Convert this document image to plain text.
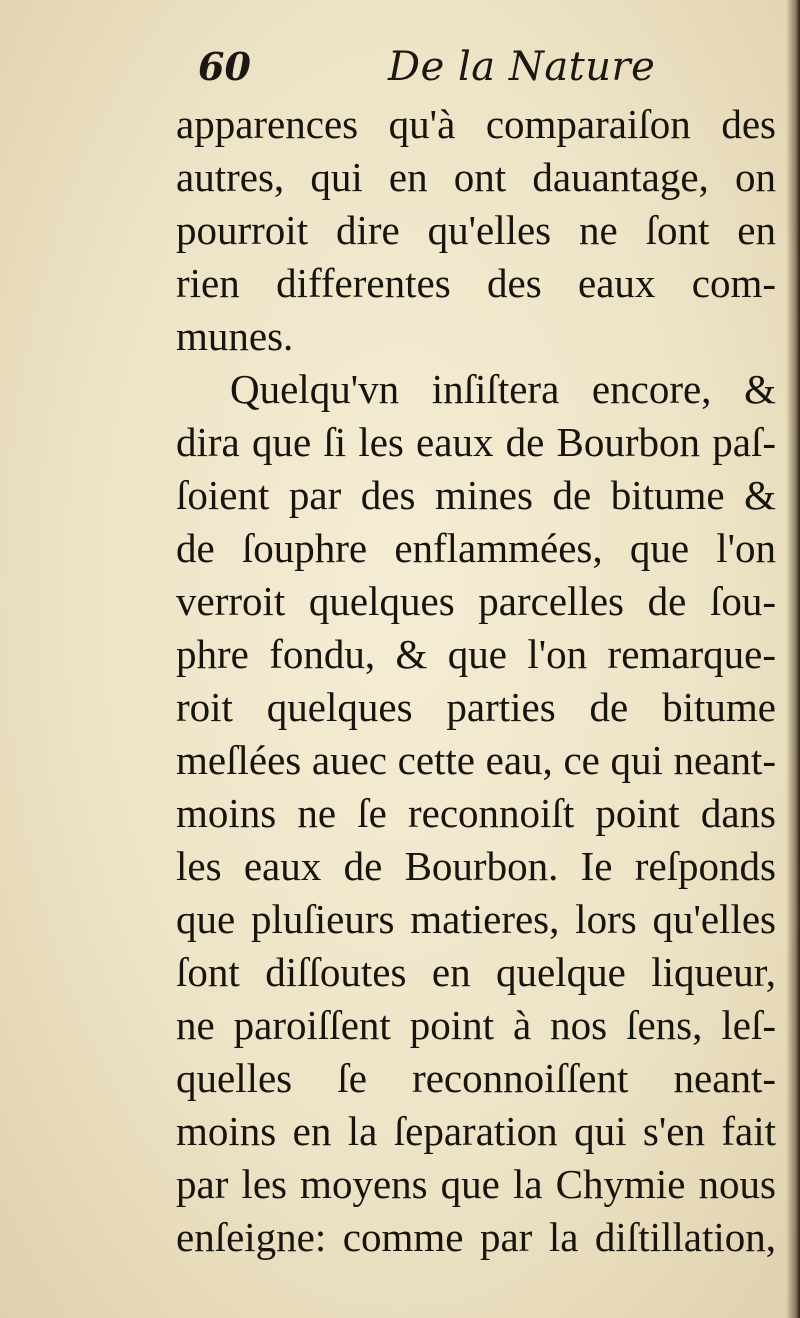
60	De la Nature
apparences qu'à comparaiſon des
autres, qui en ont dauantage, on
pourroit dire qu'elles ne ſont en
rien differentes des eaux com-
munes.
Quelqu'vn inſiſtera encore, &
dira que ſi les eaux de Bourbon paſ-
ſoient par des mines de bitume &
de ſouphre enflammées, que l'on
verroit quelques parcelles de ſou-
phre fondu, & que l'on remarque-
roit quelques parties de bitume
meſlées auec cette eau, ce qui neant-
moins ne ſe reconnoiſt point dans
les eaux de Bourbon. Ie reſponds
que pluſieurs matieres, lors qu'elles
ſont diſſoutes en quelque liqueur,
ne paroiſſent point à nos ſens, leſ-
quelles ſe reconnoiſſent neant-
moins en la ſeparation qui s'en fait
par les moyens que la Chymie nous
enſeigne: comme par la diſtillation,
